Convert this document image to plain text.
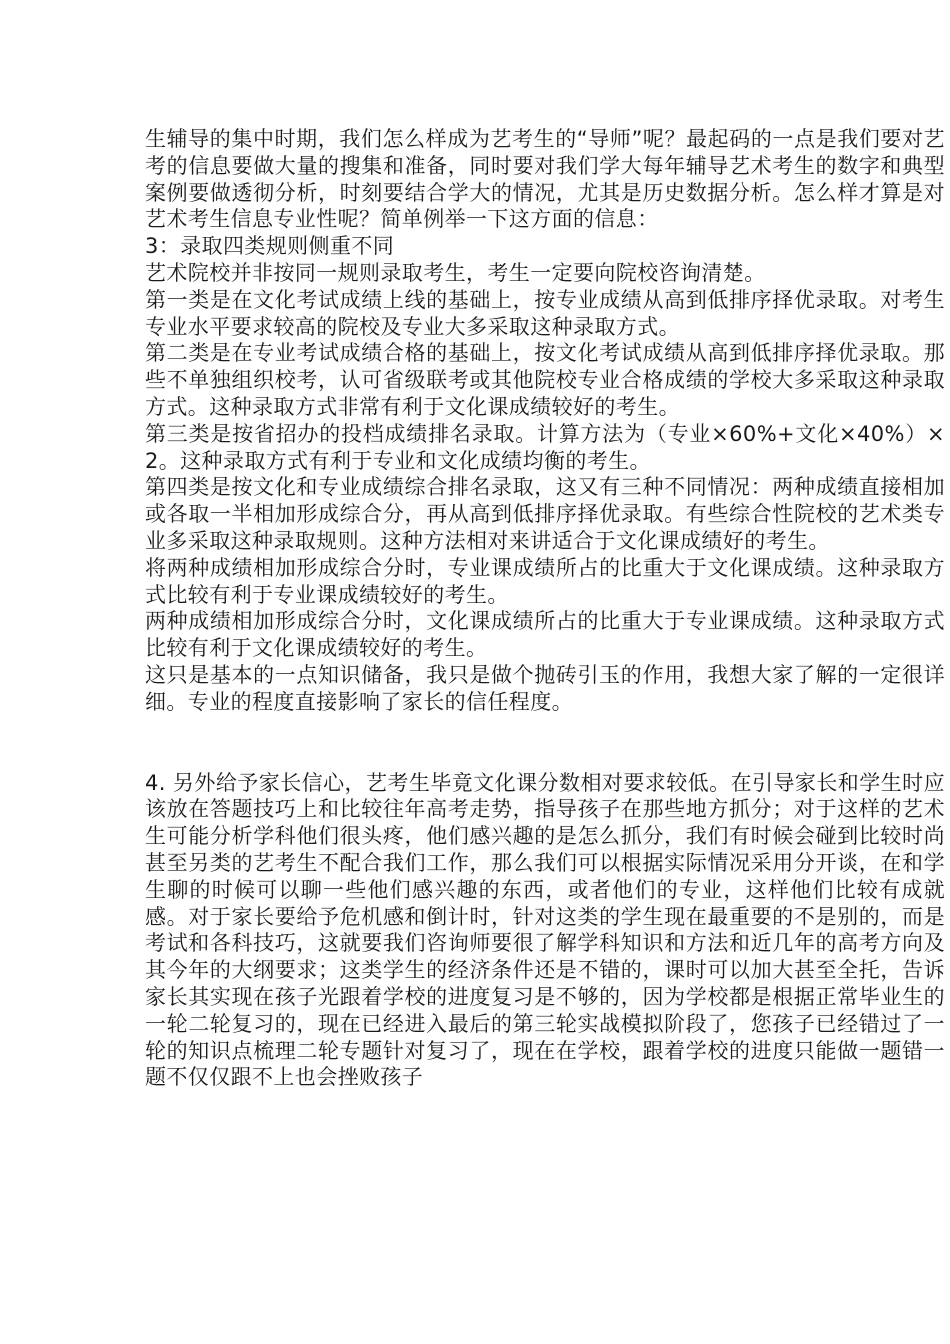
生辅导的集中时期，我们怎么样成为艺考生的“导师”呢？最起码的一点是我们要对艺考的信息要做大量的搜集和准备，同时要对我们学大每年辅导艺术考生的数字和典型案例要做透彻分析，时刻要结合学大的情况，尤其是历史数据分析。怎么样才算是对艺术考生信息专业性呢？简单例举一下这方面的信息：

3：录取四类规则侧重不同

艺术院校并非按同一规则录取考生，考生一定要向院校咨询清楚。

第一类是在文化考试成绩上线的基础上，按专业成绩从高到低排序择优录取。对考生专业水平要求较高的院校及专业大多采取这种录取方式。

第二类是在专业考试成绩合格的基础上，按文化考试成绩从高到低排序择优录取。那些不单独组织校考，认可省级联考或其他院校专业合格成绩的学校大多采取这种录取方式。这种录取方式非常有利于文化课成绩较好的考生。

第三类是按省招办的投档成绩排名录取。计算方法为（专业×60%+文化×40%）×2。这种录取方式有利于专业和文化成绩均衡的考生。

第四类是按文化和专业成绩综合排名录取，这又有三种不同情况：两种成绩直接相加或各取一半相加形成综合分，再从高到低排序择优录取。有些综合性院校的艺术类专业多采取这种录取规则。这种方法相对来讲适合于文化课成绩好的考生。

将两种成绩相加形成综合分时，专业课成绩所占的比重大于文化课成绩。这种录取方式比较有利于专业课成绩较好的考生。

两种成绩相加形成综合分时，文化课成绩所占的比重大于专业课成绩。这种录取方式比较有利于文化课成绩较好的考生。

这只是基本的一点知识储备，我只是做个抛砖引玉的作用，我想大家了解的一定很详细。专业的程度直接影响了家长的信任程度。

4. 另外给予家长信心，艺考生毕竟文化课分数相对要求较低。在引导家长和学生时应该放在答题技巧上和比较往年高考走势，指导孩子在那些地方抓分；对于这样的艺术生可能分析学科他们很头疼，他们感兴趣的是怎么抓分，我们有时候会碰到比较时尚甚至另类的艺考生不配合我们工作，那么我们可以根据实际情况采用分开谈，在和学生聊的时候可以聊一些他们感兴趣的东西，或者他们的专业，这样他们比较有成就感。对于家长要给予危机感和倒计时，针对这类的学生现在最重要的不是别的，而是考试和各科技巧，这就要我们咨询师要很了解学科知识和方法和近几年的高考方向及其今年的大纲要求；这类学生的经济条件还是不错的，课时可以加大甚至全托，告诉家长其实现在孩子光跟着学校的进度复习是不够的，因为学校都是根据正常毕业生的一轮二轮复习的，现在已经进入最后的第三轮实战模拟阶段了，您孩子已经错过了一轮的知识点梳理二轮专题针对复习了，现在在学校，跟着学校的进度只能做一题错一题不仅仅跟不上也会挫败孩子
